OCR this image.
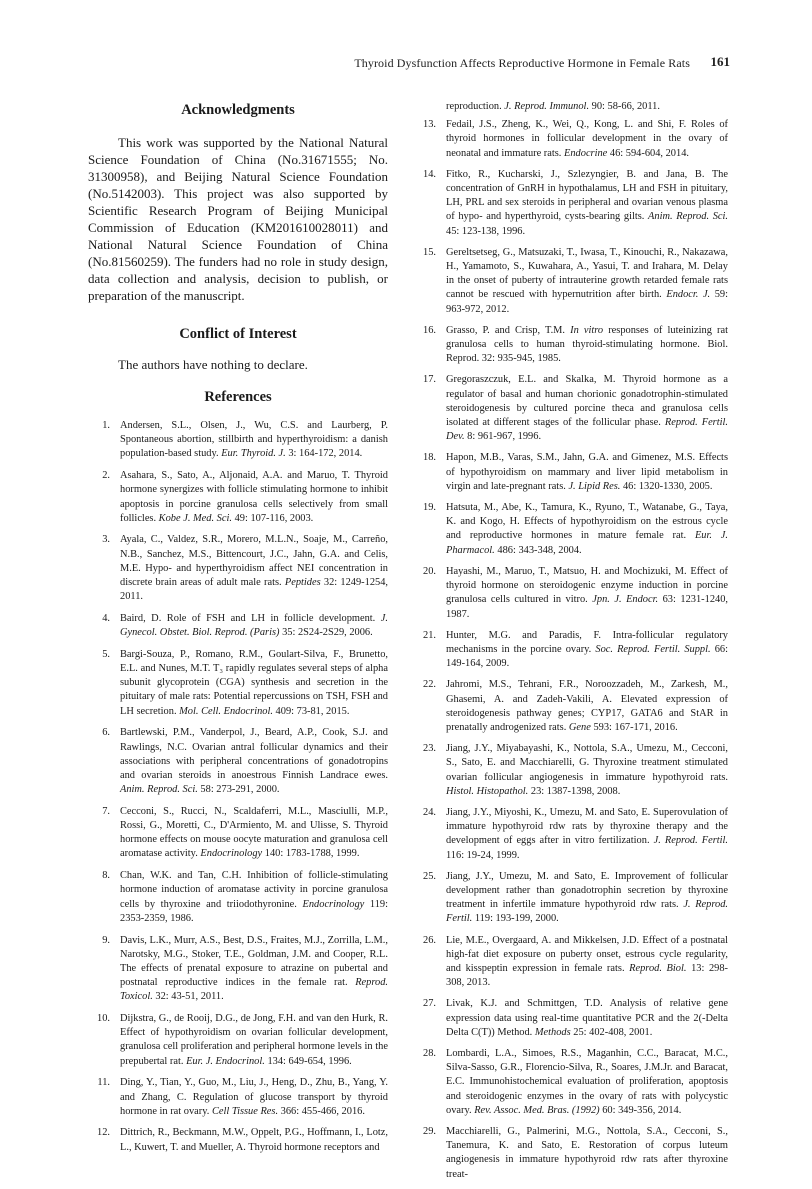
Thyroid Dysfunction Affects Reproductive Hormone in Female Rats 161
Acknowledgments

This work was supported by the National Natural Science Foundation of China (No.31671555; No. 31300958), and Beijing Natural Science Foundation (No.5142003). This project was also supported by Scientific Research Program of Beijing Municipal Commission of Education (KM201610028011) and National Natural Science Foundation of China (No.81560259). The funders had no role in study design, data collection and analysis, decision to publish, or preparation of the manuscript.

Conflict of Interest

The authors have nothing to declare.

References
1. Andersen, S.L., Olsen, J., Wu, C.S. and Laurberg, P. Spontaneous abortion, stillbirth and hyperthyroidism: a danish population-based study. Eur. Thyroid. J. 3: 164-172, 2014.
2. Asahara, S., Sato, A., Aljonaid, A.A. and Maruo, T. Thyroid hormone synergizes with follicle stimulating hormone to inhibit apoptosis in porcine granulosa cells selectively from small follicles. Kobe J. Med. Sci. 49: 107-116, 2003.
3. Ayala, C., Valdez, S.R., Morero, M.L.N., Soaje, M., Carreño, N.B., Sanchez, M.S., Bittencourt, J.C., Jahn, G.A. and Celis, M.E. Hypo- and hyperthyroidism affect NEI concentration in discrete brain areas of adult male rats. Peptides 32: 1249-1254, 2011.
4. Baird, D. Role of FSH and LH in follicle development. J. Gynecol. Obstet. Biol. Reprod. (Paris) 35: 2S24-2S29, 2006.
5. Bargi-Souza, P., Romano, R.M., Goulart-Silva, F., Brunetto, E.L. and Nunes, M.T. T₃ rapidly regulates several steps of alpha subunit glycoprotein (CGA) synthesis and secretion in the pituitary of male rats: Potential repercussions on TSH, FSH and LH secretion. Mol. Cell. Endocrinol. 409: 73-81, 2015.
6. Bartlewski, P.M., Vanderpol, J., Beard, A.P., Cook, S.J. and Rawlings, N.C. Ovarian antral follicular dynamics and their associations with peripheral concentrations of gonadotropins and ovarian steroids in anoestrous Finnish Landrace ewes. Anim. Reprod. Sci. 58: 273-291, 2000.
7. Cecconi, S., Rucci, N., Scaldaferri, M.L., Masciulli, M.P., Rossi, G., Moretti, C., D'Armiento, M. and Ulisse, S. Thyroid hormone effects on mouse oocyte maturation and granulosa cell aromatase activity. Endocrinology 140: 1783-1788, 1999.
8. Chan, W.K. and Tan, C.H. Inhibition of follicle-stimulating hormone induction of aromatase activity in porcine granulosa cells by thyroxine and triiodothyronine. Endocrinology 119: 2353-2359, 1986.
9. Davis, L.K., Murr, A.S., Best, D.S., Fraites, M.J., Zorrilla, L.M., Narotsky, M.G., Stoker, T.E., Goldman, J.M. and Cooper, R.L. The effects of prenatal exposure to atrazine on pubertal and postnatal reproductive indices in the female rat. Reprod. Toxicol. 32: 43-51, 2011.
10. Dijkstra, G., de Rooij, D.G., de Jong, F.H. and van den Hurk, R. Effect of hypothyroidism on ovarian follicular development, granulosa cell proliferation and peripheral hormone levels in the prepubertal rat. Eur. J. Endocrinol. 134: 649-654, 1996.
11. Ding, Y., Tian, Y., Guo, M., Liu, J., Heng, D., Zhu, B., Yang, Y. and Zhang, C. Regulation of glucose transport by thyroid hormone in rat ovary. Cell Tissue Res. 366: 455-466, 2016.
12. Dittrich, R., Beckmann, M.W., Oppelt, P.G., Hoffmann, I., Lotz, L., Kuwert, T. and Mueller, A. Thyroid hormone receptors and
reproduction. J. Reprod. Immunol. 90: 58-66, 2011.
13. Fedail, J.S., Zheng, K., Wei, Q., Kong, L. and Shi, F. Roles of thyroid hormones in follicular development in the ovary of neonatal and immature rats. Endocrine 46: 594-604, 2014.
14. Fitko, R., Kucharski, J., Szlezyngier, B. and Jana, B. The concentration of GnRH in hypothalamus, LH and FSH in pituitary, LH, PRL and sex steroids in peripheral and ovarian venous plasma of hypo- and hyperthyroid, cysts-bearing gilts. Anim. Reprod. Sci. 45: 123-138, 1996.
15. Gereltsetseg, G., Matsuzaki, T., Iwasa, T., Kinouchi, R., Nakazawa, H., Yamamoto, S., Kuwahara, A., Yasui, T. and Irahara, M. Delay in the onset of puberty of intrauterine growth retarded female rats cannot be rescued with hypernutrition after birth. Endocr. J. 59: 963-972, 2012.
16. Grasso, P. and Crisp, T.M. In vitro responses of luteinizing rat granulosa cells to human thyroid-stimulating hormone. Biol. Reprod. 32: 935-945, 1985.
17. Gregoraszczuk, E.L. and Skalka, M. Thyroid hormone as a regulator of basal and human chorionic gonadotrophin-stimulated steroidogenesis by cultured porcine theca and granulosa cells isolated at different stages of the follicular phase. Reprod. Fertil. Dev. 8: 961-967, 1996.
18. Hapon, M.B., Varas, S.M., Jahn, G.A. and Gimenez, M.S. Effects of hypothyroidism on mammary and liver lipid metabolism in virgin and late-pregnant rats. J. Lipid Res. 46: 1320-1330, 2005.
19. Hatsuta, M., Abe, K., Tamura, K., Ryuno, T., Watanabe, G., Taya, K. and Kogo, H. Effects of hypothyroidism on the estrous cycle and reproductive hormones in mature female rat. Eur. J. Pharmacol. 486: 343-348, 2004.
20. Hayashi, M., Maruo, T., Matsuo, H. and Mochizuki, M. Effect of thyroid hormone on steroidogenic enzyme induction in porcine granulosa cells cultured in vitro. Jpn. J. Endocr. 63: 1231-1240, 1987.
21. Hunter, M.G. and Paradis, F. Intra-follicular regulatory mechanisms in the porcine ovary. Soc. Reprod. Fertil. Suppl. 66: 149-164, 2009.
22. Jahromi, M.S., Tehrani, F.R., Noroozzadeh, M., Zarkesh, M., Ghasemi, A. and Zadeh-Vakili, A. Elevated expression of steroidogenesis pathway genes; CYP17, GATA6 and StAR in prenatally androgenized rats. Gene 593: 167-171, 2016.
23. Jiang, J.Y., Miyabayashi, K., Nottola, S.A., Umezu, M., Cecconi, S., Sato, E. and Macchiarelli, G. Thyroxine treatment stimulated ovarian follicular angiogenesis in immature hypothyroid rats. Histol. Histopathol. 23: 1387-1398, 2008.
24. Jiang, J.Y., Miyoshi, K., Umezu, M. and Sato, E. Superovulation of immature hypothyroid rdw rats by thyroxine therapy and the development of eggs after in vitro fertilization. J. Reprod. Fertil. 116: 19-24, 1999.
25. Jiang, J.Y., Umezu, M. and Sato, E. Improvement of follicular development rather than gonadotrophin secretion by thyroxine treatment in infertile immature hypothyroid rdw rats. J. Reprod. Fertil. 119: 193-199, 2000.
26. Lie, M.E., Overgaard, A. and Mikkelsen, J.D. Effect of a postnatal high-fat diet exposure on puberty onset, estrous cycle regularity, and kisspeptin expression in female rats. Reprod. Biol. 13: 298-308, 2013.
27. Livak, K.J. and Schmittgen, T.D. Analysis of relative gene expression data using real-time quantitative PCR and the 2(-Delta Delta C(T)) Method. Methods 25: 402-408, 2001.
28. Lombardi, L.A., Simoes, R.S., Maganhin, C.C., Baracat, M.C., Silva-Sasso, G.R., Florencio-Silva, R., Soares, J.M.Jr. and Baracat, E.C. Immunohistochemical evaluation of proliferation, apoptosis and steroidogenic enzymes in the ovary of rats with polycystic ovary. Rev. Assoc. Med. Bras. (1992) 60: 349-356, 2014.
29. Macchiarelli, G., Palmerini, M.G., Nottola, S.A., Cecconi, S., Tanemura, K. and Sato, E. Restoration of corpus luteum angiogenesis in immature hypothyroid rdw rats after thyroxine treat-
